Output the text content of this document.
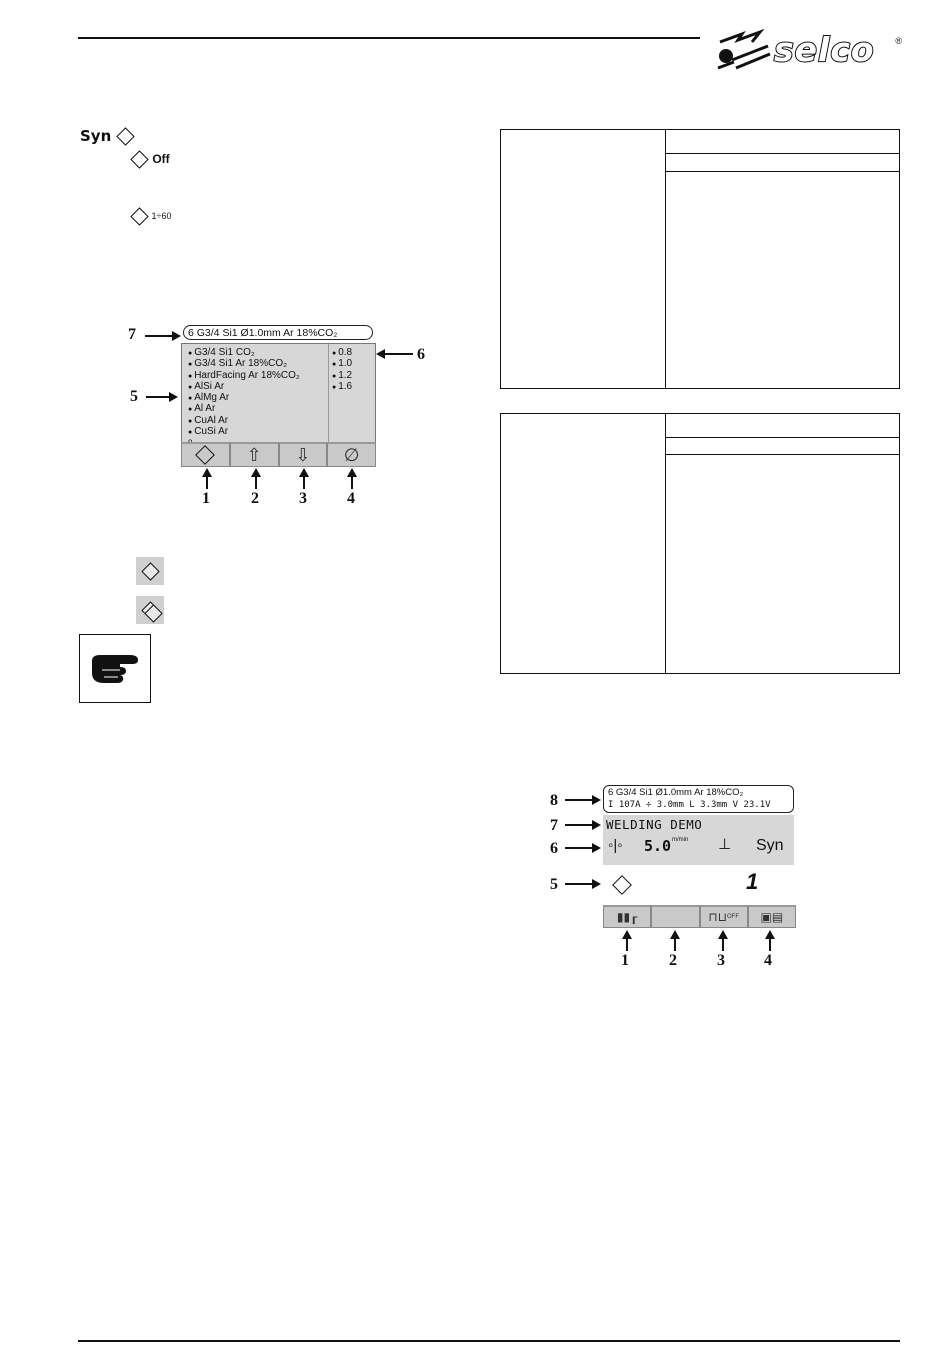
selco ®
Syn
Off
1÷60
7
5
6
6 G3/4 Si1 Ø1.0mm Ar 18%CO₂
● G3/4 Si1 CO₂
● G3/4 Si1 Ar 18%CO₂
● HardFacing Ar 18%CO₂
● AlSi Ar
● AlMg Ar
● Al Ar
● CuAl Ar
● CuSi Ar
● 0.8
● 1.0
● 1.2
● 1.6
⇧ ⇩ ∅
1	2	3	4
8
7
6
5
6 G3/4 Si1 Ø1.0mm Ar 18%CO₂
I 107A ÷ 3.0mm L 3.3mm V 23.1V
WELDING DEMO
◦|◦ 5.0 m/min ⊥ Syn
1
▮▮┎	⊓⊔ OFF ▣▤
1	2	3 4
